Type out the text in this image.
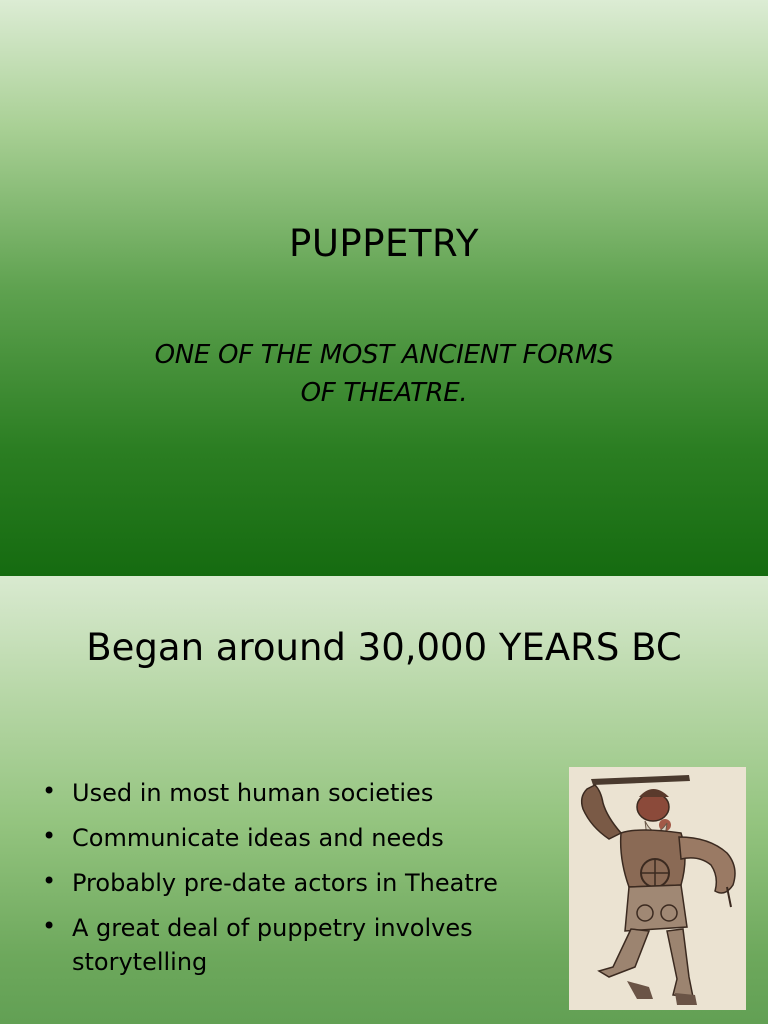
PUPPETRY
ONE OF THE MOST ANCIENT FORMS
OF THEATRE.
Began around 30,000 YEARS BC
• Used in most human societies
• Communicate ideas and needs
• Probably pre-date actors in Theatre
• A great deal of puppetry involves storytelling
